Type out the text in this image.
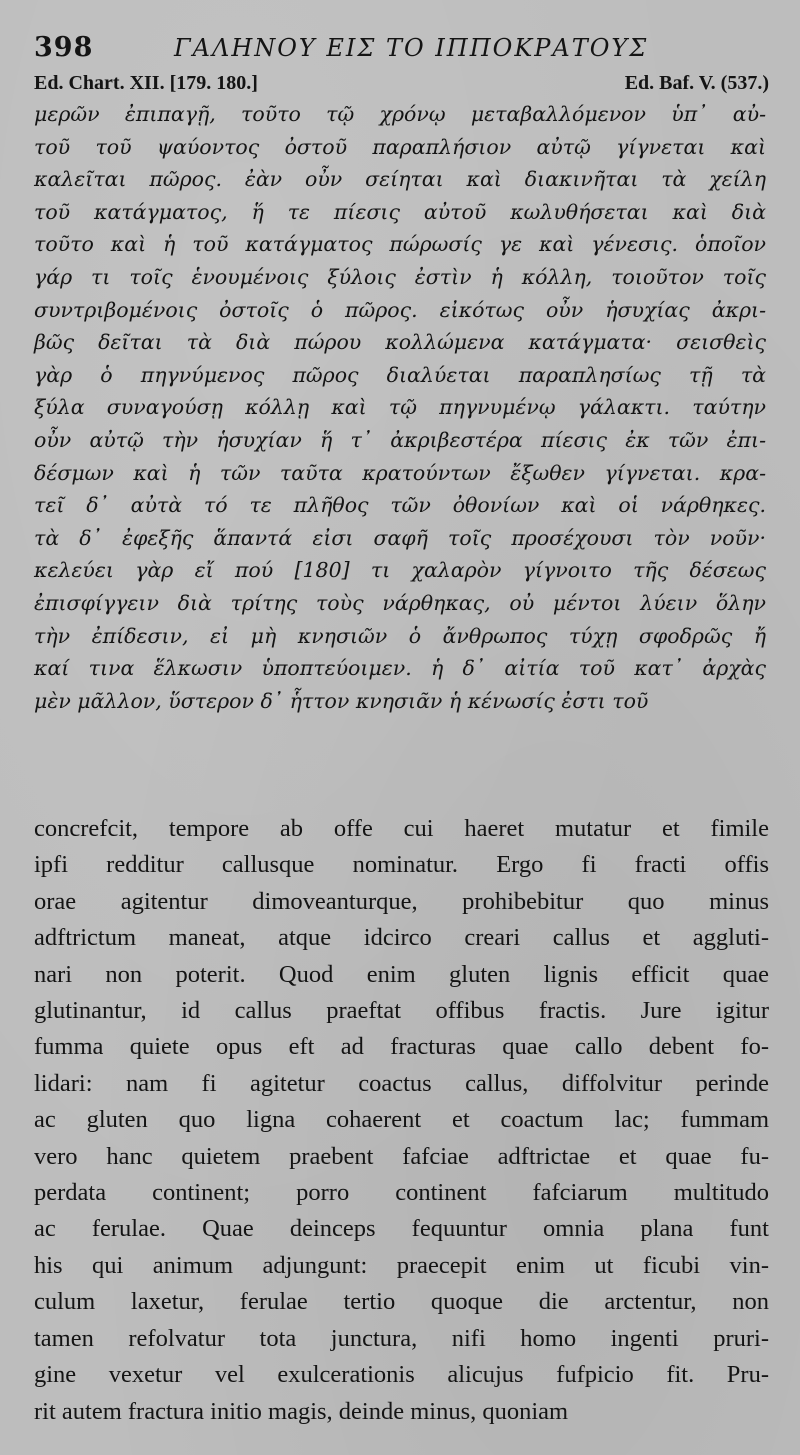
398	ΓΑΛΗΝΟΥ ΕΙΣ ΤΟ ΙΠΠΟΚΡΑΤΟΥΣ
Ed. Chart. XII. [179. 180.]	Ed. Baf. V. (537.)
μερῶν ἐπιπαγῇ, τοῦτο τῷ χρόνῳ μεταβαλλόμενον ὑπ᾽ αὐ-
τοῦ τοῦ ψαύοντος ὀστοῦ παραπλήσιον αὐτῷ γίγνεται καὶ
καλεῖται πῶρος. ἐὰν οὖν σείηται καὶ διακινῆται τὰ χείλη
τοῦ κατάγματος, ἥ τε πίεσις αὐτοῦ κωλυθήσεται καὶ διὰ
τοῦτο καὶ ἡ τοῦ κατάγματος πώρωσίς γε καὶ γένεσις. ὁποῖον
γάρ τι τοῖς ἑνουμένοις ξύλοις ἐστὶν ἡ κόλλη, τοιοῦτον τοῖς
συντριβομένοις ὀστοῖς ὁ πῶρος. εἰκότως οὖν ἡσυχίας ἀκρι-
βῶς δεῖται τὰ διὰ πώρου κολλώμενα κατάγματα· σεισθεὶς
γὰρ ὁ πηγνύμενος πῶρος διαλύεται παραπλησίως τῇ τὰ
ξύλα συναγούσῃ κόλλῃ καὶ τῷ πηγνυμένῳ γάλακτι. ταύτην
οὖν αὐτῷ τὴν ἡσυχίαν ἥ τ᾽ ἀκριβεστέρα πίεσις ἐκ τῶν ἐπι-
δέσμων καὶ ἡ τῶν ταῦτα κρατούντων ἔξωθεν γίγνεται. κρα-
τεῖ δ᾽ αὐτὰ τό τε πλῆθος τῶν ὀθονίων καὶ οἱ νάρθηκες.
τὰ δ᾽ ἐφεξῆς ἅπαντά εἰσι σαφῆ τοῖς προσέχουσι τὸν νοῦν·
κελεύει γὰρ εἴ πού [180] τι χαλαρὸν γίγνοιτο τῆς δέσεως
ἐπισφίγγειν διὰ τρίτης τοὺς νάρθηκας, οὐ μέντοι λύειν ὅλην
τὴν ἐπίδεσιν, εἰ μὴ κνησιῶν ὁ ἄνθρωπος τύχῃ σφοδρῶς ἤ
καί τινα ἕλκωσιν ὑποπτεύοιμεν. ἡ δ᾽ αἰτία τοῦ κατ᾽ ἀρχὰς
μὲν μᾶλλον, ὕστερον δ᾽ ἧττον κνησιᾶν ἡ κένωσίς ἐστι τοῦ
concrefcit, tempore ab offe cui haeret mutatur et fimile
ipfi redditur callusque nominatur. Ergo fi fracti offis
orae agitentur dimoveanturque, prohibebitur quo minus
adftrictum maneat, atque idcirco creari callus et aggluti-
nari non poterit. Quod enim gluten lignis efficit quae
glutinantur, id callus praeftat offibus fractis. Jure igitur
fumma quiete opus eft ad fracturas quae callo debent fo-
lidari: nam fi agitetur coactus callus, diffolvitur perinde
ac gluten quo ligna cohaerent et coactum lac; fummam
vero hanc quietem praebent fafciae adftrictae et quae fu-
perdata continent; porro continent fafciarum multitudo
ac ferulae. Quae deinceps fequuntur omnia plana funt
his qui animum adjungunt: praecepit enim ut ficubi vin-
culum laxetur, ferulae tertio quoque die arctentur, non
tamen refolvatur tota junctura, nifi homo ingenti pruri-
gine vexetur vel exulcerationis alicujus fufpicio fit. Pru-
rit autem fractura initio magis, deinde minus, quoniam
